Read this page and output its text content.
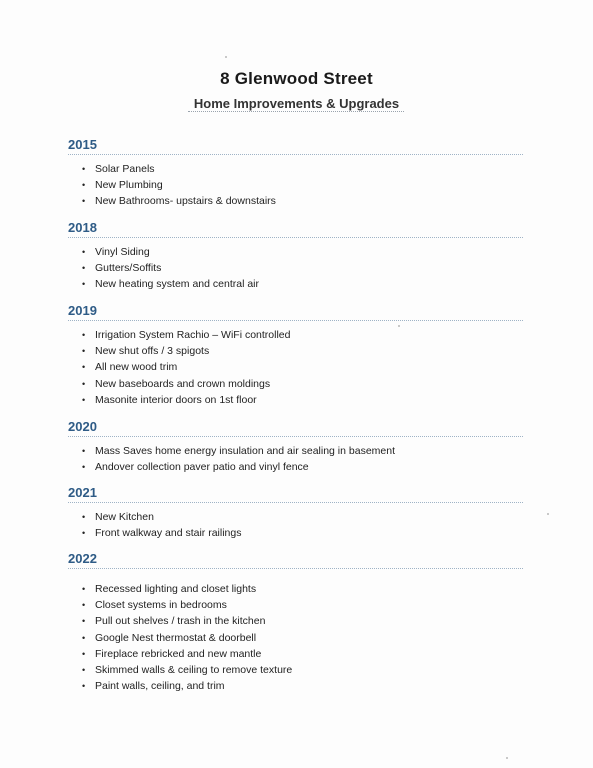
8 Glenwood Street
Home Improvements & Upgrades
2015
• Solar Panels
• New Plumbing
• New Bathrooms- upstairs & downstairs
2018
• Vinyl Siding
• Gutters/Soffits
• New heating system and central air
2019
• Irrigation System Rachio – WiFi controlled
• New shut offs / 3 spigots
• All new wood trim
• New baseboards and crown moldings
• Masonite interior doors on 1st floor
2020
• Mass Saves home energy insulation and air sealing in basement
• Andover collection paver patio and vinyl fence
2021
• New Kitchen
• Front walkway and stair railings
2022
• Recessed lighting and closet lights
• Closet systems in bedrooms
• Pull out shelves / trash in the kitchen
• Google Nest thermostat & doorbell
• Fireplace rebricked and new mantle
• Skimmed walls & ceiling to remove texture
• Paint walls, ceiling, and trim
